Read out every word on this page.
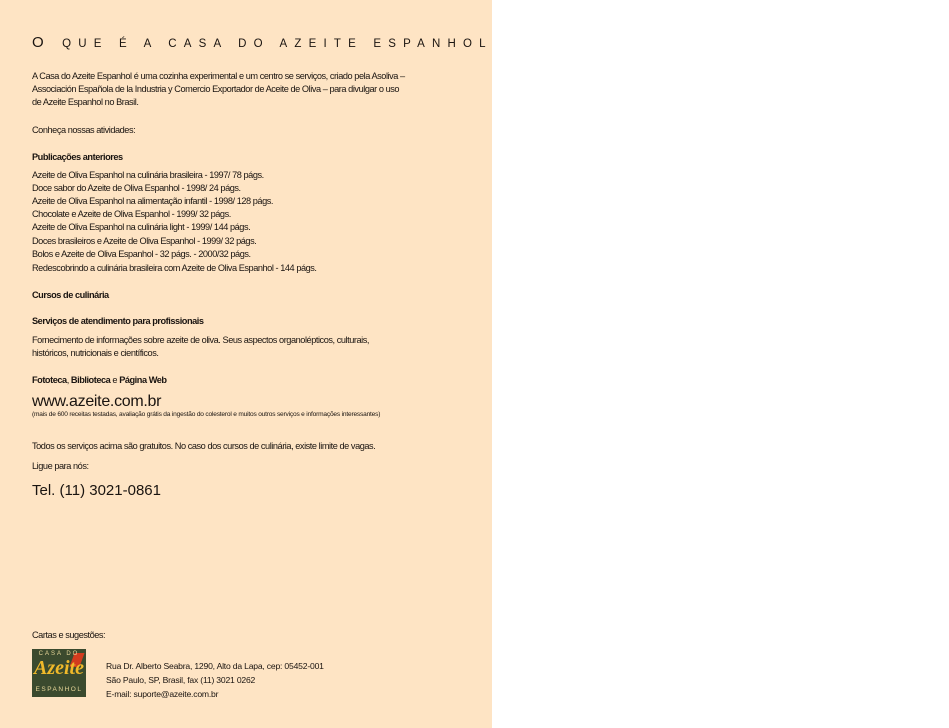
O QUE É A CASA DO AZEITE ESPANHOL
A Casa do Azeite Espanhol é uma cozinha experimental e um centro se serviços, criado pela Asoliva –
Associación Española de la Industria y Comercio Exportador de Aceite de Oliva – para divulgar o uso
de Azeite Espanhol no Brasil.
Conheça nossas atividades:
Publicações anteriores
Azeite de Oliva Espanhol na culinária brasileira - 1997/ 78 págs.
Doce sabor do Azeite de Oliva Espanhol - 1998/ 24 págs.
Azeite de Oliva Espanhol na alimentação infantil - 1998/ 128 págs.
Chocolate e Azeite de Oliva Espanhol - 1999/ 32 págs.
Azeite de Oliva Espanhol na culinária light - 1999/ 144 págs.
Doces brasileiros e Azeite de Oliva Espanhol - 1999/ 32 págs.
Bolos e Azeite de Oliva Espanhol - 32 págs. - 2000/32 págs.
Redescobrindo a culinária brasileira com Azeite de Oliva Espanhol - 144 págs.
Cursos de culinária
Serviços de atendimento para profissionais
Fornecimento de informações sobre azeite de oliva. Seus aspectos organolépticos, culturais,
históricos, nutricionais e científicos.
Fototeca, Biblioteca e Página Web
www.azeite.com.br
(mais de 600 receitas testadas, avaliação grátis da ingestão do colesterol e muitos outros serviços e informações interessantes)
Todos os serviços acima são gratuitos. No caso dos cursos de culinária, existe limite de vagas.
Ligue para nós:
Tel. (11) 3021-0861
Cartas e sugestões:
CASA DO
Azeite
ESPANHOL
Rua Dr. Alberto Seabra, 1290, Alto da Lapa, cep: 05452-001
São Paulo, SP, Brasil, fax (11) 3021 0262
E-mail: suporte@azeite.com.br
